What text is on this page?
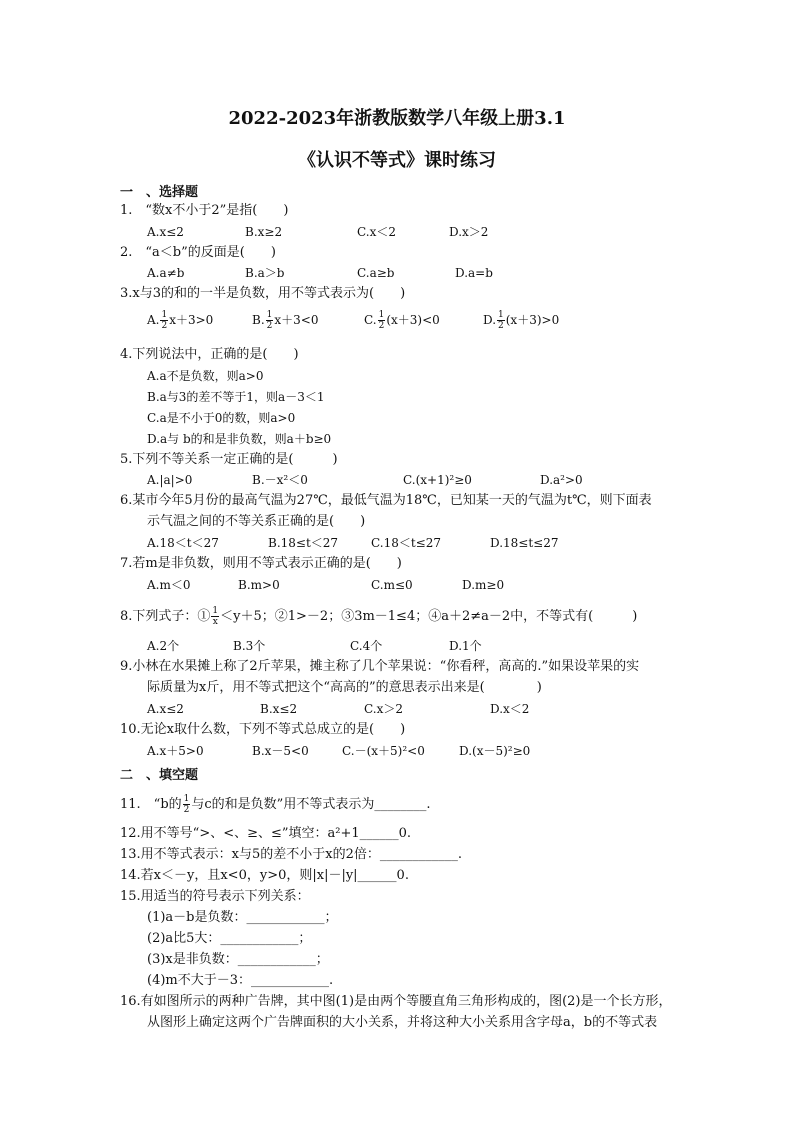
2022-2023年浙教版数学八年级上册3.1
《认识不等式》课时练习
一　、选择题
1.　“数x不小于2”是指(　　)
A.x≤2	B.x≥2	C.x＜2	D.x＞2
2.　“a＜b”的反面是(　　)
A.a≠b	B.a＞b	C.a≥b	D.a=b
3.x与3的和的一半是负数，用不等式表示为(　　)
A. $\frac{1}{2} x+3>0$	B. $\frac{1}{2} x+3<0$	C. $\frac{1}{2} (x+3)<0$	D. $\frac{1}{2} (x+3)>0$
4.下列说法中，正确的是(　　)
A.a不是负数，则a>0
B.a与3的差不等于1，则a－3＜1
C.a是不小于0的数，则a>0
D.a与 b的和是非负数，则a＋b≥0
5.下列不等关系一定正确的是(　　　)
A.|a|>0	B.－x²＜0	C.(x+1)²≥0	D.a²>0
6.某市今年5月份的最高气温为27℃，最低气温为18℃，已知某一天的气温为t℃，则下面表
示气温之间的不等关系正确的是(　　)
A.18＜t＜27	B.18≤t＜27	C.18＜t≤27	D.18≤t≤27
7.若m是非负数，则用不等式表示正确的是(　　)
A.m＜0	B.m>0	C.m≤0	D.m≥0
8.下列式子：① $\frac{1}{x} <y+5$；②1>－2；③3m－1≤4；④a＋2≠a－2中，不等式有(　　　)
A.2个	B.3个	C.4个	D.1个
9.小林在水果摊上称了2斤苹果，摊主称了几个苹果说：“你看秤，高高的.”如果设苹果的实
际质量为x斤，用不等式把这个“高高的”的意思表示出来是(　　　　)
A.x≤2	B.x≤2	C.x＞2	D.x＜2
10.无论x取什么数，下列不等式总成立的是(　　)
A.x＋5>0	B.x－5<0	C.－(x＋5)²<0	D.(x－5)²≥0
二　、填空题
11.　“b的 $\frac{1}{2}$ 与c的和是负数”用不等式表示为________.
12.用不等号“>、<、≥、≤”填空：a²+1______0.
13.用不等式表示：x与5的差不小于x的2倍：____________.
14.若x＜－y，且x<0，y>0，则|x|－|y|______0.
15.用适当的符号表示下列关系：
(1)a－b是负数：____________；
(2)a比5大：____________；
(3)x是非负数：____________；
(4)m不大于－3：____________.
16.有如图所示的两种广告牌，其中图(1)是由两个等腰直角三角形构成的，图(2)是一个长方形，
从图形上确定这两个广告牌面积的大小关系，并将这种大小关系用含字母a，b的不等式表
